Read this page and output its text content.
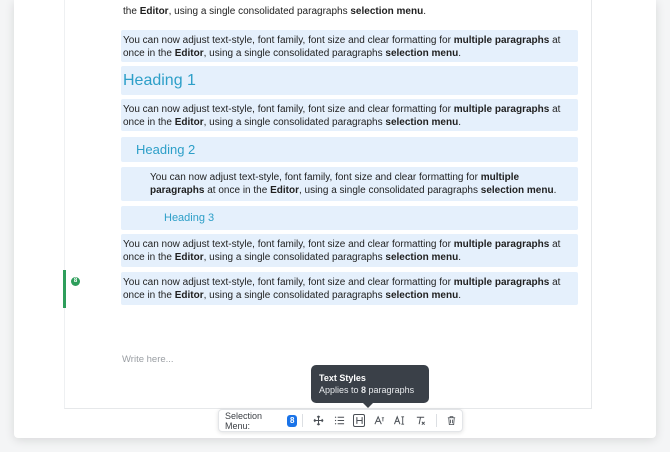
the Editor, using a single consolidated paragraphs selection menu.
You can now adjust text-style, font family, font size and clear formatting for multiple paragraphs at once in the Editor, using a single consolidated paragraphs selection menu.
Heading 1
You can now adjust text-style, font family, font size and clear formatting for multiple paragraphs at once in the Editor, using a single consolidated paragraphs selection menu.
Heading 2
You can now adjust text-style, font family, font size and clear formatting for multiple paragraphs at once in the Editor, using a single consolidated paragraphs selection menu.
Heading 3
You can now adjust text-style, font family, font size and clear formatting for multiple paragraphs at once in the Editor, using a single consolidated paragraphs selection menu.
You can now adjust text-style, font family, font size and clear formatting for multiple paragraphs at once in the Editor, using a single consolidated paragraphs selection menu.
8
Write here...
Text Styles
Applies to 8 paragraphs
Selection Menu:
8
